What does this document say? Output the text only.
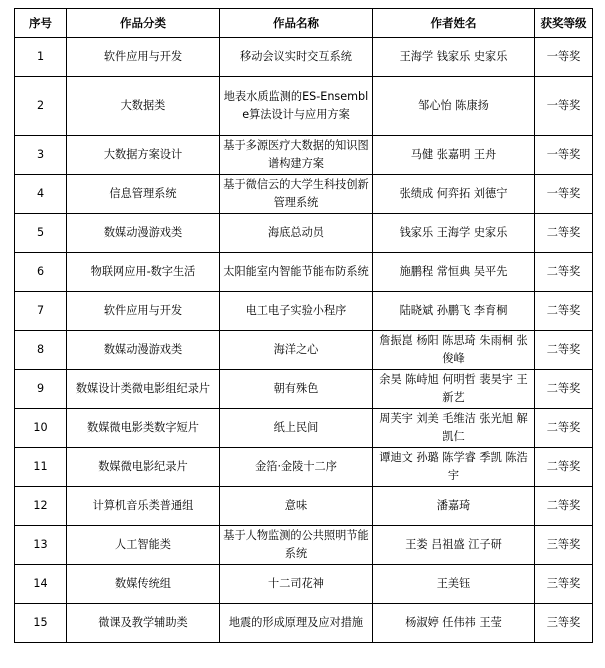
序号	作品分类	作品名称	作者姓名	获奖等级
1	软件应用与开发	移动会议实时交互系统	王海学 钱家乐 史家乐	一等奖
2	大数据类	地表水质监测的ES-Ensemble算法设计与应用方案	邹心怡 陈康扬	一等奖
3	大数据方案设计	基于多源医疗大数据的知识图谱构建方案	马健 张嘉明 王舟	一等奖
4	信息管理系统	基于微信云的大学生科技创新管理系统	张绩成 何弈拓 刘德宁	一等奖
5	数媒动漫游戏类	海底总动员	钱家乐 王海学 史家乐	二等奖
6	物联网应用-数字生活	太阳能室内智能节能布防系统	施鹏程 常恒典 吴平先	二等奖
7	软件应用与开发	电工电子实验小程序	陆晓斌 孙鹏飞 李育桐	二等奖
8	数媒动漫游戏类	海洋之心	詹振崑 杨阳 陈思琦 朱雨桐 张俊峰	二等奖
9	数媒设计类微电影组纪录片	朝有殊色	余昊 陈峙旭 何明哲 裴昊宇 王新艺	二等奖
10	数媒微电影类数字短片	纸上民间	周芙宇 刘美 毛维洁 张光旭 解凯仁	二等奖
11	数媒微电影纪录片	金箔·金陵十二序	谭迪文 孙璐 陈学睿 季凯 陈浩宇	二等奖
12	计算机音乐类普通组	意味	潘嘉琦	二等奖
13	人工智能类	基于人物监测的公共照明节能系统	王娄 吕祖盛 江子研	三等奖
14	数媒传统组	十二司花神	王美钰	三等奖
15	微课及教学辅助类	地震的形成原理及应对措施	杨淑婷 任伟祎 王莹	三等奖
